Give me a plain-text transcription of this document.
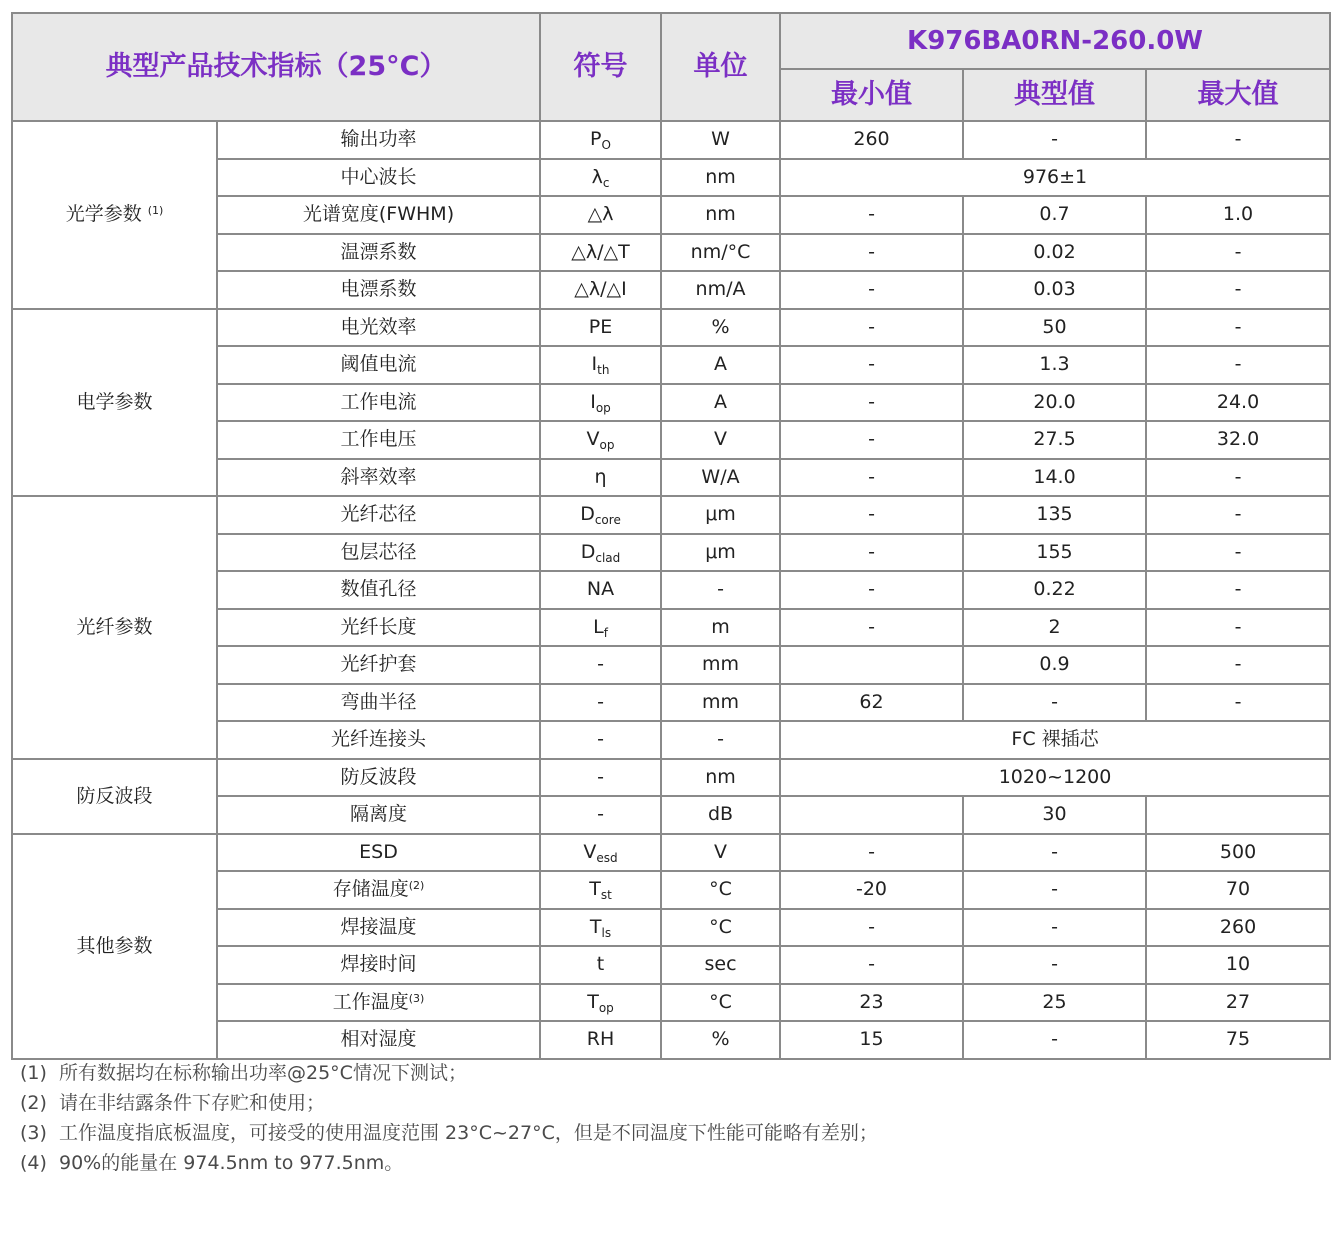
典型产品技术指标（25°C）		符号	单位	K976BA0RN-260.0W		
				最小值	典型值	最大值
光学参数 $^{(1)}$	输出功率	$P_O$	W	260	-	-
	中心波长	$\lambda_c$	nm	976±1		
	光谱宽度(FWHM)	△λ	nm	-	0.7	1.0
	温漂系数	△λ/△T	nm/°C	-	0.02	-
	电漂系数	△λ/△I	nm/A	-	0.03	-
电学参数	电光效率	PE	%	-	50	-
	阈值电流	$I_{th}$	A	-	1.3	-
	工作电流	$I_{op}$	A	-	20.0	24.0
	工作电压	$V_{op}$	V	-	27.5	32.0
	斜率效率	η	W/A	-	14.0	-
光纤参数	光纤芯径	$D_{core}$	μm	-	135	-
	包层芯径	$D_{clad}$	μm	-	155	-
	数值孔径	NA	-	-	0.22	-
	光纤长度	$L_f$	m	-	2	-
	光纤护套	-	mm		0.9	-
	弯曲半径	-	mm	62	-	-
	光纤连接头	-	-	FC 裸插芯		
防反波段	防反波段	-	nm	1020~1200		
	隔离度	-	dB		30	
其他参数	ESD	$V_{esd}$	V	-	-	500
	存储温度$^{(2)}$	$T_{st}$	°C	-20	-	70
	焊接温度	$T_{ls}$	°C	-	-	260
	焊接时间	t	sec	-	-	10
	工作温度$^{(3)}$	$T_{op}$	°C	23	25	27
	相对湿度	RH	%	15	-	75
(1) 所有数据均在标称输出功率@25°C情况下测试；
(2) 请在非结露条件下存贮和使用；
(3) 工作温度指底板温度，可接受的使用温度范围 23°C~27°C，但是不同温度下性能可能略有差别；
(4) 90%的能量在 974.5nm to 977.5nm。
